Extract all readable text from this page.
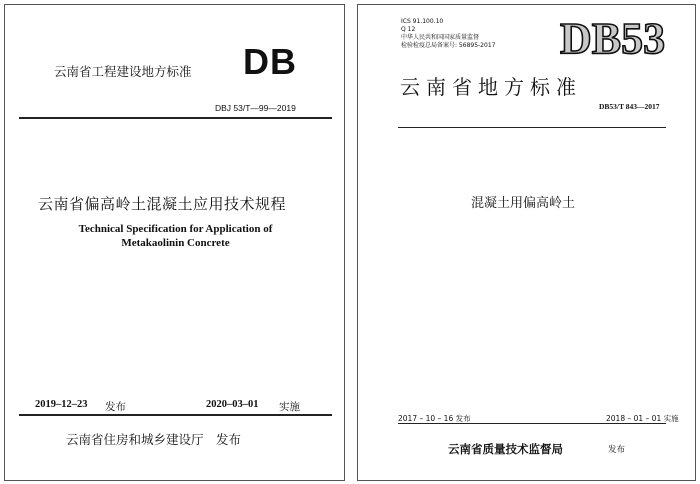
云南省工程建设地方标准 DB
DBJ 53/T—99—2019
云南省偏高岭土混凝土应用技术规程
Technical Specification for Application of
Metakaolinin Concrete
2019–12–23 发布	2020–03–01 实施
云南省住房和城乡建设厅　发布
ICS 91.100.10
Q 12
中华人民共和国国家质量监督
检验检疫总局备案号: 56895-2017 DB53
云南省地方标准
DB53/T 843—2017
混凝土用偏高岭土
2017 – 10 – 16 发布	2018 – 01 – 01 实施
云南省质量技术监督局	发布
